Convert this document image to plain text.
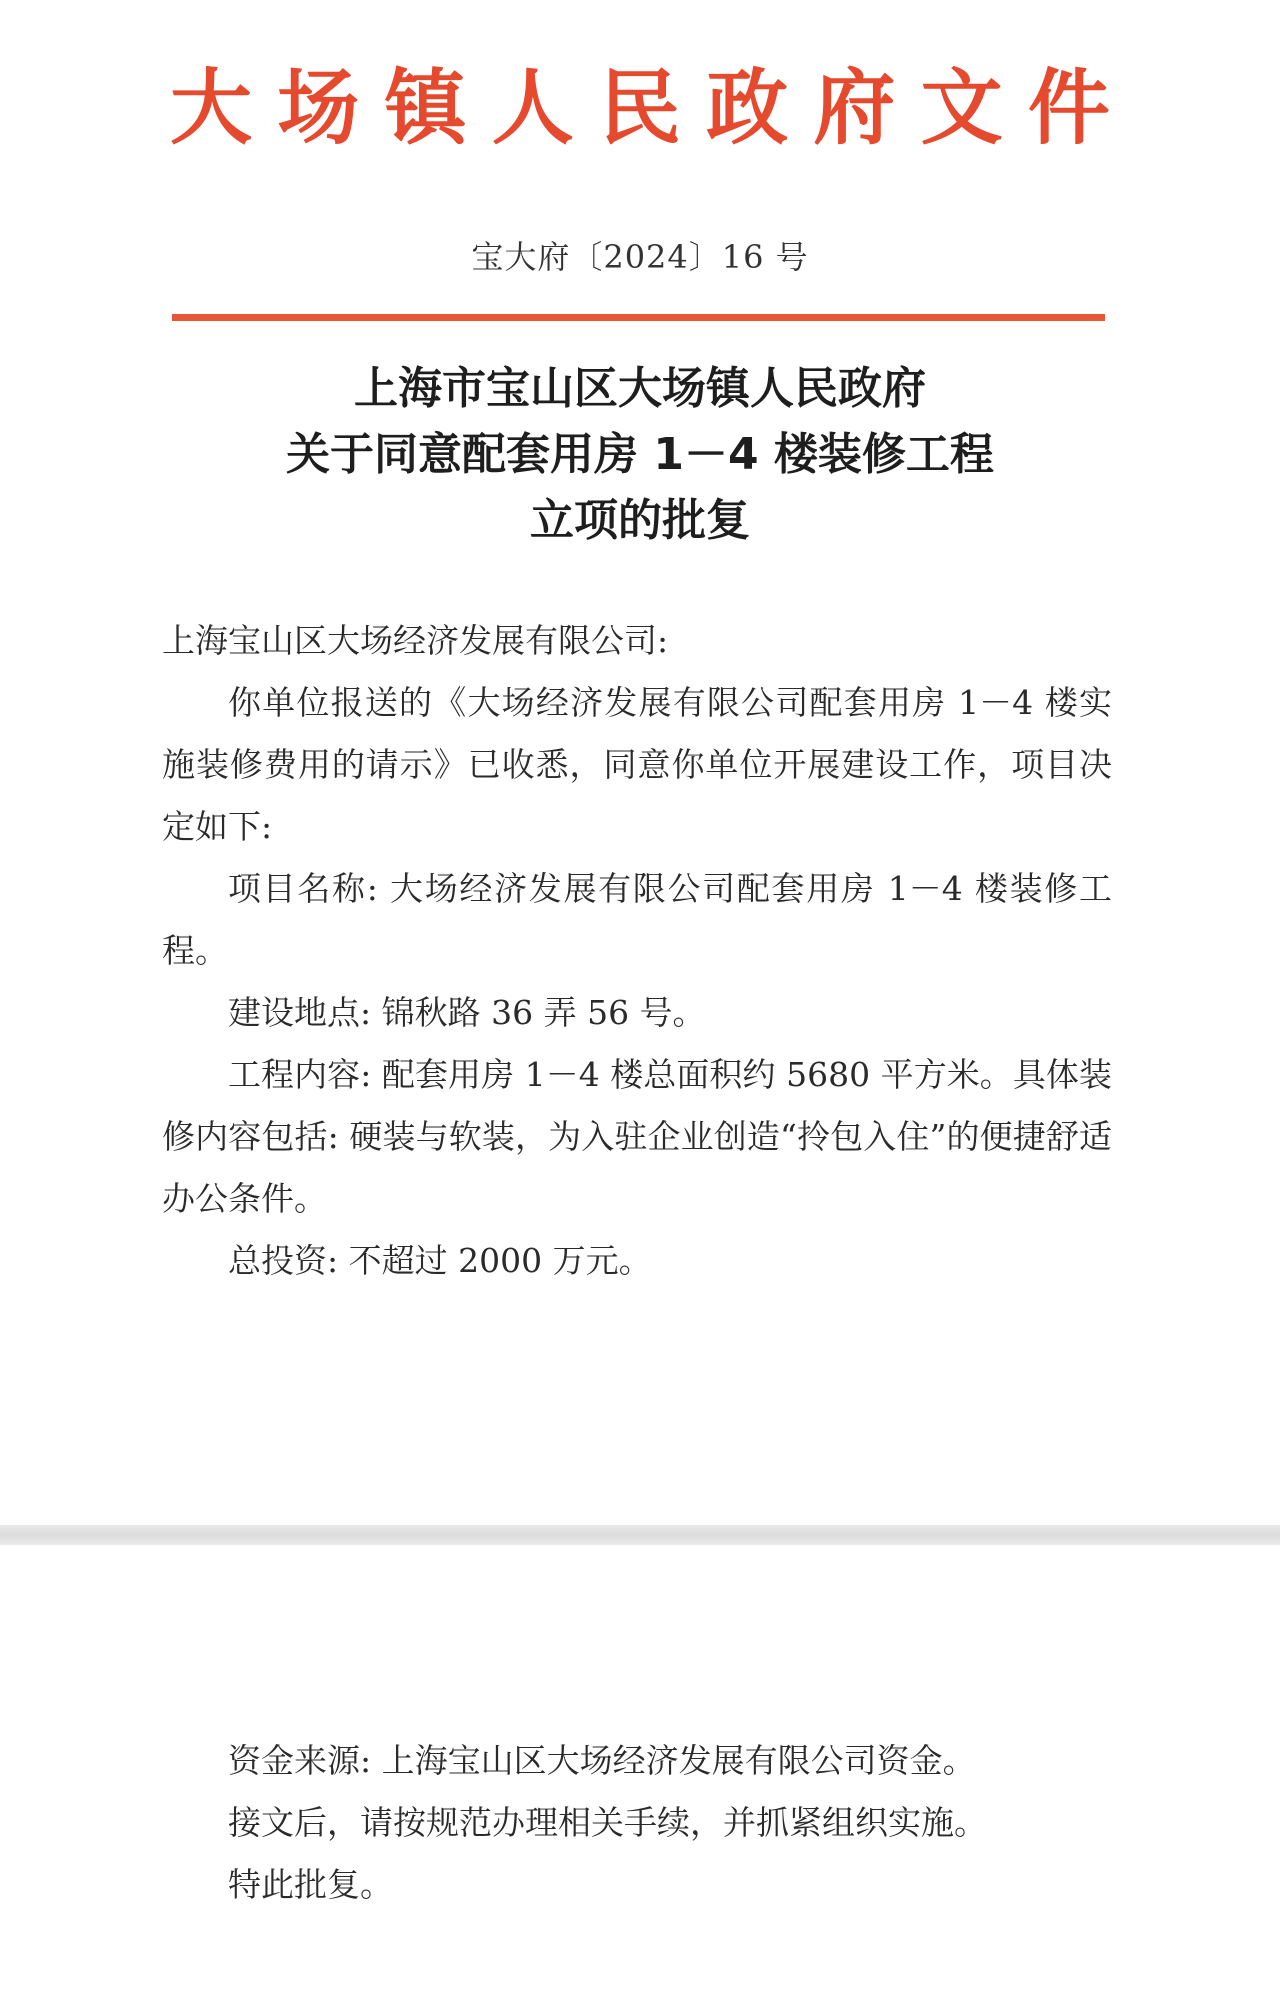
大 场 镇 人 民 政 府 文 件
宝大府〔2024〕16 号
上海市宝山区大场镇人民政府
关于同意配套用房 1－4 楼装修工程
立项的批复

上海宝山区大场经济发展有限公司:

你单位报送的《大场经济发展有限公司配套用房 1－4 楼实施装修费用的请示》已收悉，同意你单位开展建设工作，项目决定如下:

项目名称: 大场经济发展有限公司配套用房 1－4 楼装修工程。

建设地点: 锦秋路 36 弄 56 号。

工程内容: 配套用房 1－4 楼总面积约 5680 平方米。具体装修内容包括: 硬装与软装，为入驻企业创造“拎包入住”的便捷舒适办公条件。

总投资: 不超过 2000 万元。

资金来源: 上海宝山区大场经济发展有限公司资金。

接文后，请按规范办理相关手续，并抓紧组织实施。

特此批复。
